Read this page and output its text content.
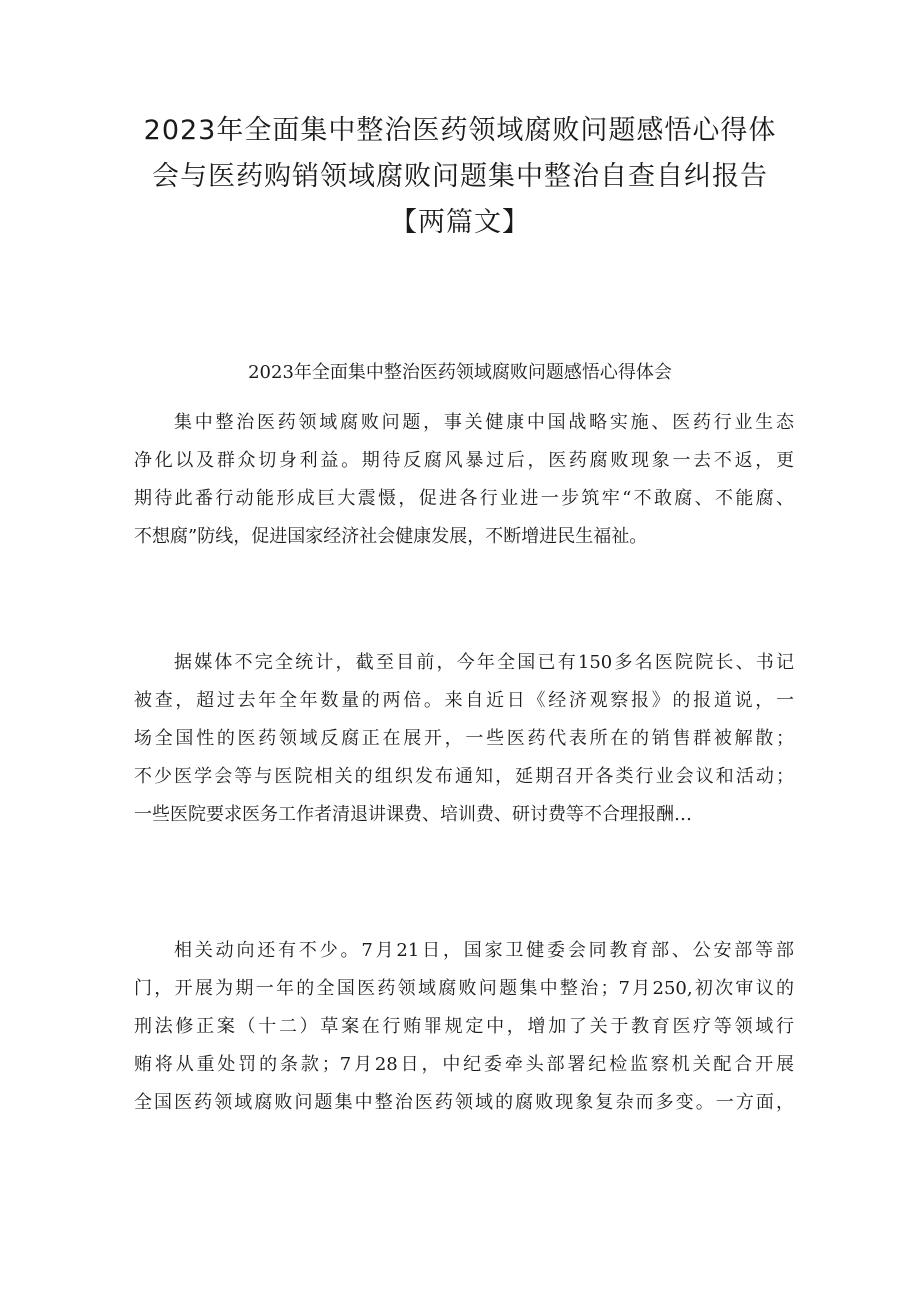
2023年全面集中整治医药领域腐败问题感悟心得体
会与医药购销领域腐败问题集中整治自查自纠报告
【两篇文】
2023年全面集中整治医药领域腐败问题感悟心得体会

集中整治医药领域腐败问题，事关健康中国战略实施、医药行业生态
净化以及群众切身利益。期待反腐风暴过后，医药腐败现象一去不返，更
期待此番行动能形成巨大震慑，促进各行业进一步筑牢“不敢腐、不能腐、
不想腐”防线，促进国家经济社会健康发展，不断增进民生福祉。

据媒体不完全统计，截至目前，今年全国已有150多名医院院长、书记
被查，超过去年全年数量的两倍。来自近日《经济观察报》的报道说，一
场全国性的医药领域反腐正在展开，一些医药代表所在的销售群被解散；
不少医学会等与医院相关的组织发布通知，延期召开各类行业会议和活动；
一些医院要求医务工作者清退讲课费、培训费、研讨费等不合理报酬…

相关动向还有不少。7月21日，国家卫健委会同教育部、公安部等部
门，开展为期一年的全国医药领域腐败问题集中整治；7月250,初次审议的
刑法修正案（十二）草案在行贿罪规定中，增加了关于教育医疗等领域行
贿将从重处罚的条款；7月28日，中纪委牵头部署纪检监察机关配合开展
全国医药领域腐败问题集中整治医药领域的腐败现象复杂而多变。一方面，
